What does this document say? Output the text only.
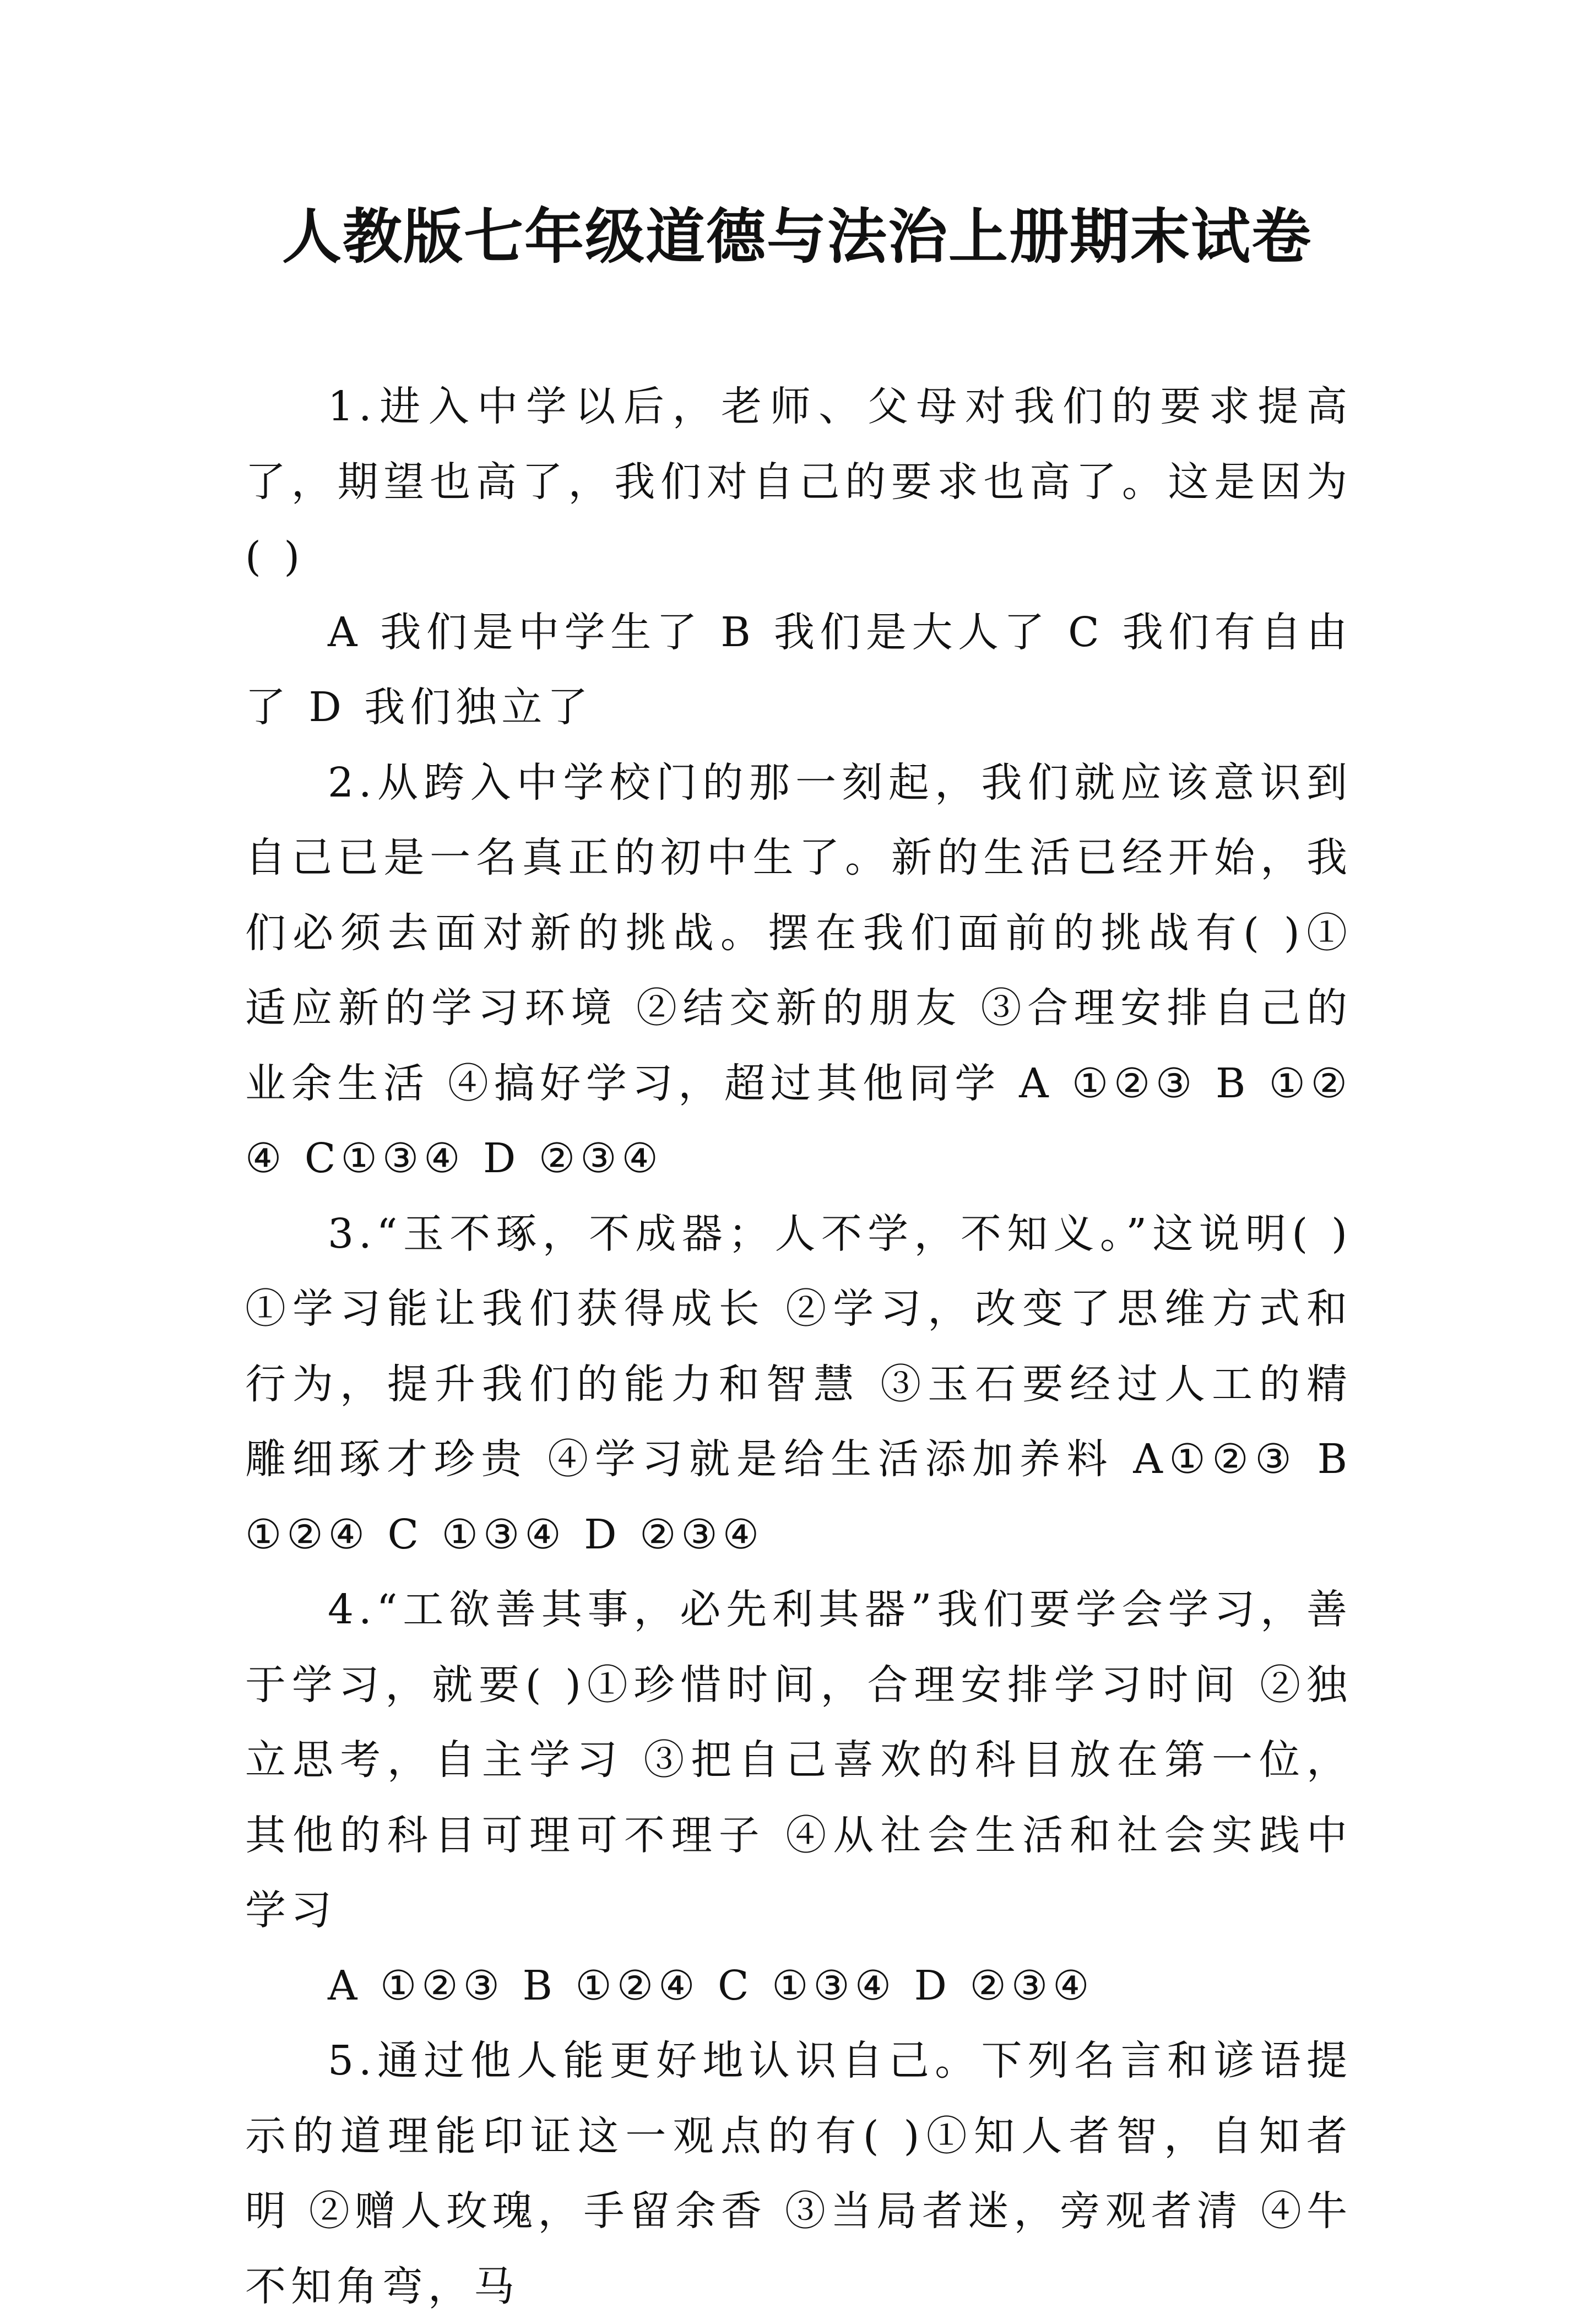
人教版七年级道德与法治上册期末试卷

1.进入中学以后，老师、父母对我们的要求提高了，期望也高了，我们对自己的要求也高了。这是因为( )

A 我们是中学生了 B 我们是大人了 C 我们有自由了 D 我们独立了

2.从跨入中学校门的那一刻起，我们就应该意识到自己已是一名真正的初中生了。新的生活已经开始，我们必须去面对新的挑战。摆在我们面前的挑战有( )①适应新的学习环境 ②结交新的朋友 ③合理安排自己的业余生活 ④搞好学习，超过其他同学 A ①②③ B ①②④ C①③④ D ②③④

3.“玉不琢，不成器；人不学，不知义。”这说明( )①学习能让我们获得成长 ②学习，改变了思维方式和行为，提升我们的能力和智慧 ③玉石要经过人工的精雕细琢才珍贵 ④学习就是给生活添加养料 A①②③ B ①②④ C ①③④ D ②③④

4.“工欲善其事，必先利其器”我们要学会学习，善于学习，就要( )①珍惜时间，合理安排学习时间 ②独立思考，自主学习 ③把自己喜欢的科目放在第一位，其他的科目可理可不理子 ④从社会生活和社会实践中学习

A ①②③ B ①②④ C ①③④ D ②③④

5.通过他人能更好地认识自己。下列名言和谚语提示的道理能印证这一观点的有( )①知人者智，自知者明 ②赠人玫瑰，手留余香 ③当局者迷，旁观者清 ④牛不知角弯，马
